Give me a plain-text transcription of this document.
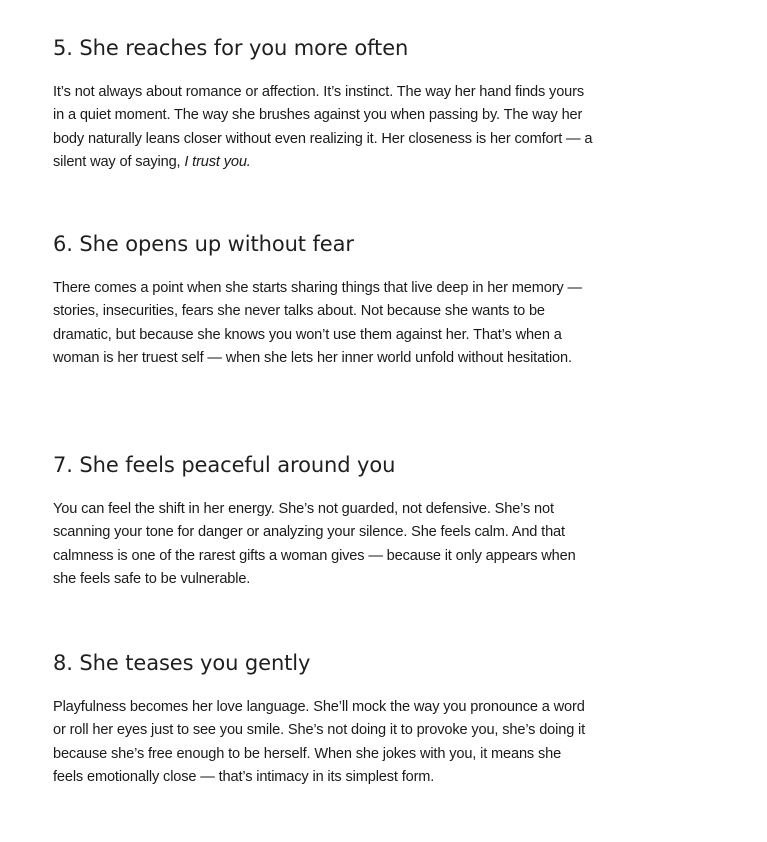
5. She reaches for you more often

It’s not always about romance or affection. It’s instinct. The way her hand finds yours in a quiet moment. The way she brushes against you when passing by. The way her body naturally leans closer without even realizing it. Her closeness is her comfort — a silent way of saying, I trust you.

6. She opens up without fear

There comes a point when she starts sharing things that live deep in her memory — stories, insecurities, fears she never talks about. Not because she wants to be dramatic, but because she knows you won’t use them against her. That’s when a woman is her truest self — when she lets her inner world unfold without hesitation.

7. She feels peaceful around you

You can feel the shift in her energy. She’s not guarded, not defensive. She’s not scanning your tone for danger or analyzing your silence. She feels calm. And that calmness is one of the rarest gifts a woman gives — because it only appears when she feels safe to be vulnerable.

8. She teases you gently

Playfulness becomes her love language. She’ll mock the way you pronounce a word or roll her eyes just to see you smile. She’s not doing it to provoke you, she’s doing it because she’s free enough to be herself. When she jokes with you, it means she feels emotionally close — that’s intimacy in its simplest form.
